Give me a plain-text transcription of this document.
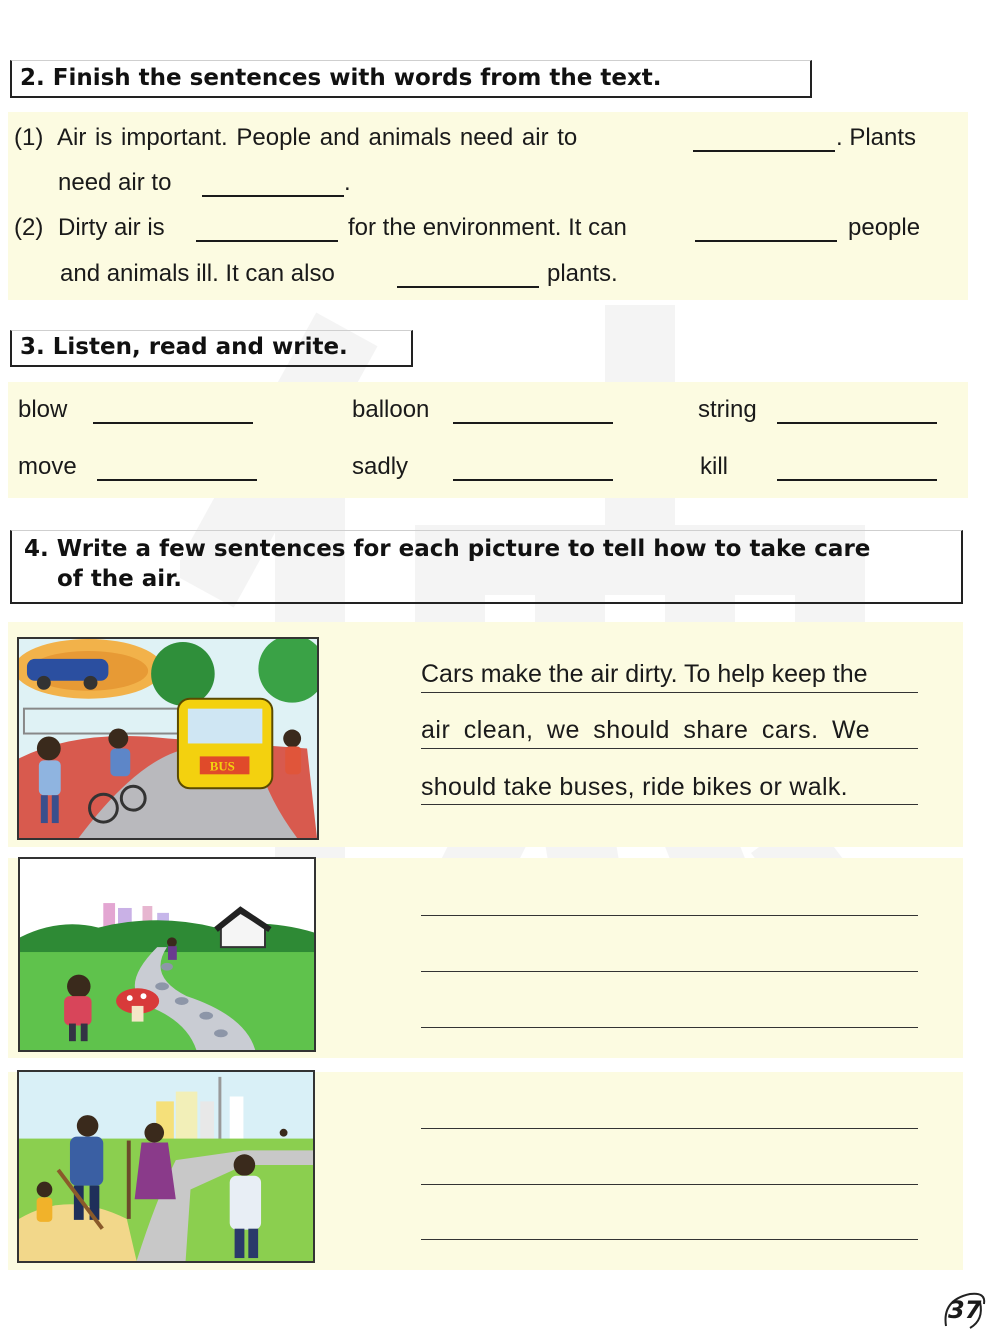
2. Finish the sentences with words from the text.
(1) Air is important. People and animals need air to	. Plants
need air to	.
(2) Dirty air is	for the environment. It can	people
and animals ill. It can also	plants.
3. Listen, read and write.
blow	balloon	string
move	sadly	kill
4. Write a few sentences for each picture to tell how to take care
of the air.
BUS
Cars make the air dirty. To help keep the
air clean, we should share cars. We
should take buses, ride bikes or walk.
37
